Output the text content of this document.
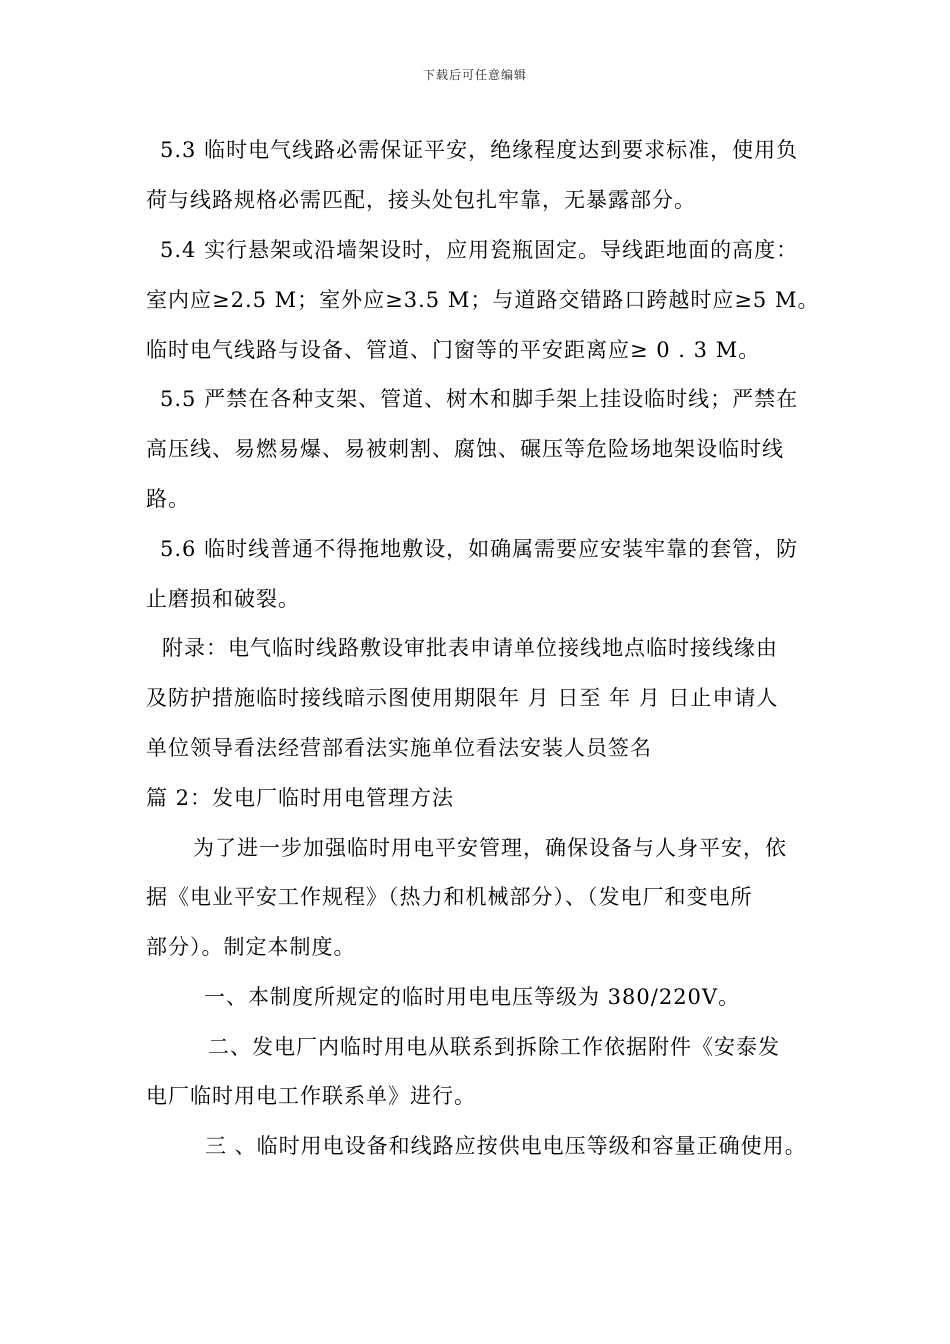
下载后可任意编辑
5.3 临时电气线路必需保证平安，绝缘程度达到要求标准，使用负
荷与线路规格必需匹配，接头处包扎牢靠，无暴露部分。
5.4 实行悬架或沿墙架设时，应用瓷瓶固定。导线距地面的高度：
室内应≥2.5 M；室外应≥3.5 M；与道路交错路口跨越时应≥5 M。
临时电气线路与设备、管道、门窗等的平安距离应≥ 0 . 3 M。
5.5 严禁在各种支架、管道、树木和脚手架上挂设临时线；严禁在
高压线、易燃易爆、易被刺割、腐蚀、碾压等危险场地架设临时线
路。
5.6 临时线普通不得拖地敷设，如确属需要应安装牢靠的套管，防
止磨损和破裂。
附录：电气临时线路敷设审批表申请单位接线地点临时接线缘由
及防护措施临时接线暗示图使用期限年 月 日至 年 月 日止申请人
单位领导看法经营部看法实施单位看法安装人员签名
篇 2：发电厂临时用电管理方法
为了进一步加强临时用电平安管理，确保设备与人身平安，依
据《电业平安工作规程》（热力和机械部分）、（发电厂和变电所
部分）。制定本制度。
一、本制度所规定的临时用电电压等级为 380/220V。
二、发电厂内临时用电从联系到拆除工作依据附件《安泰发
电厂临时用电工作联系单》进行。
三 、临时用电设备和线路应按供电电压等级和容量正确使用。
